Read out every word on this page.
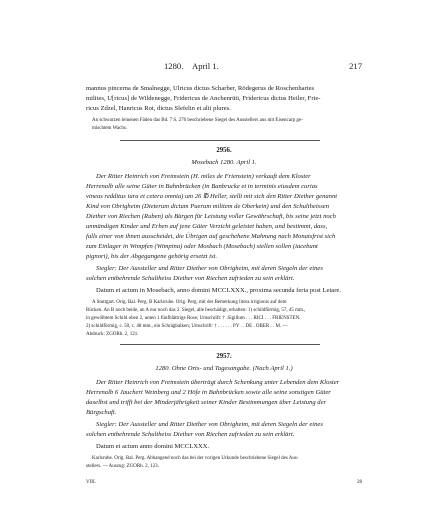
1280. April 1.	217
mannus pincerna de Smalnegge, Ulricus dictus Scharber, Rödegerus de Roschenhartes
milites, U[ricus] de Wildenegge, Fridericus de Anchenrüti, Fridericus dictus Heiler, Frie-
ricus Zdzel, Hanricus Rot, dictus Slefelin et alii plures.
An schwarzen leinenen Fäden das Bd. 7 S. 276 beschriebene Siegel des Ausstellers aus mit Eisencarp ge-
mischtem Wachs.
2956.
Mosebach 1280. April 1.
Der Ritter Heinrich von Freimstein (H. miles de Frienstein) verkauft dem Kloster
Herrenalb alle seine Güter in Bahnbrücken (in Banbrucke et in terminis eiusdem curias
vineas redditus iura et cetera omnia) um 26 ℔ Heller, stellt mit sich den Ritter Diether genannt
Kind von Obrigheim (Dieterum dictum Puerum militem de Oberkein) und den Schultheissen
Diether von Riechen (Ruben) als Bürgen für Leistung voller Gewährschaft, bis seine jetzt noch
unmündigen Kinder und Erben auf jene Güter Verzicht geleistet haben, und bestimmt, dass,
falls einer von ihnen ausscheidet, die Übrigen auf geschehene Mahnung nach Monatsfrist sich
zum Einlager in Wimpfen (Wimpina) oder Mosbach (Mosebach) stellen sollen (iacebunt
pignori), bis der Abgegangene gehörig ersetzt ist.
Siegler: Der Aussteller und Ritter Diether von Obrigheim, mit deren Siegeln der eines
solchen entbehrende Schultheiss Diether von Riechen zufrieden zu sein erklärt.
Datum et actum in Mosebach, anno domini MCCLXXX., proxima secunda feria post Letare.
A Stuttgart. Orig. Bal. Perg. B Karlsruhe. Orig. Perg. mit der Bemerkung litera irrigionis auf dem
Rücken. An B noch beide, an A nur noch das 2. Siegel, alle beschädigt, erhalten: 1) schildförmig, 57, 45 mm.,
in gewölbtem Schild oben 2, unten 1 fünfblättrige Rose; Umschrift: † .Sigillum . . . RICI . . . FRIENSTEN.
2) schildförmig, c. 50, c. 48 mm., ein Schrägbalken; Umschrift: † . . . . . . PY . . DE . OBER . . M. —
Abdruck: ZGORh. 2, 121.
2957.
1280. Ohne Orts- und Tagesangabe. (Nach April 1.)
Der Ritter Heinrich von Freimstein überträgt durch Schenkung unter Lebenden dem Kloster
Herrenalb 6 Jauchert Weinberg und 2 Höfe in Bahnbrücken sowie alle seine sonstigen Güter
daselbst und trifft bei der Minderjährigkeit seiner Kinder Bestimmungen über Leistung der
Bürgschaft.
Siegler: Der Aussteller und Ritter Diether von Obrigheim, mit deren Siegeln der eines
solchen entbehrende Schultheiss Diether von Riechen zufrieden zu sein erklärt.
Datum et actum anno domini MCCLXXX.
Karlsruhe. Orig. Bal. Perg. Abhangend noch das bei der vorigen Urkunde beschriebene Siegel des Aus-
stellers. — Auszug: ZGORh. 2, 123.
VIII.	28
